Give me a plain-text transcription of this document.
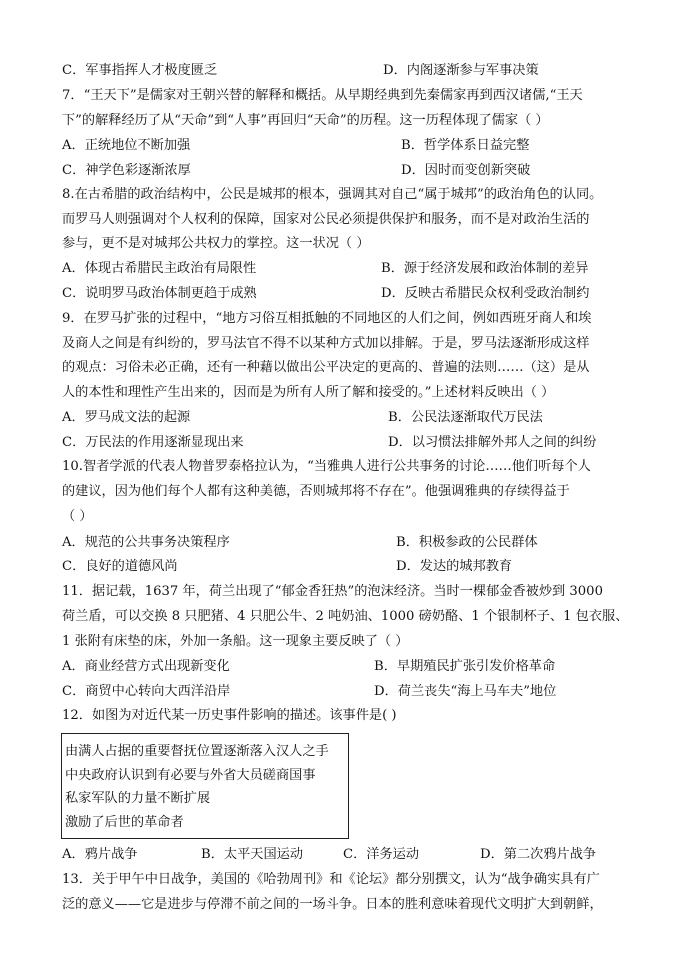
C．军事指挥人才极度匮乏	D．内阁逐渐参与军事决策
7．“王天下”是儒家对王朝兴替的解释和概括。从早期经典到先秦儒家再到西汉诸儒,“王天
下”的解释经历了从“天命”到“人事”再回归“天命”的历程。这一历程体现了儒家（ ）
A．正统地位不断加强	B．哲学体系日益完整
C．神学色彩逐渐浓厚	D．因时而变创新突破
8.在古希腊的政治结构中，公民是城邦的根本，强调其对自己“属于城邦”的政治角色的认同。
而罗马人则强调对个人权利的保障，国家对公民必须提供保护和服务，而不是对政治生活的
参与，更不是对城邦公共权力的掌控。这一状况（ ）
A．体现古希腊民主政治有局限性	B．源于经济发展和政治体制的差异
C．说明罗马政治体制更趋于成熟	D．反映古希腊民众权利受政治制约
9．在罗马扩张的过程中，“地方习俗互相抵触的不同地区的人们之间，例如西班牙商人和埃
及商人之间是有纠纷的，罗马法官不得不以某种方式加以排解。于是，罗马法逐渐形成这样
的观点：习俗未必正确，还有一种藉以做出公平决定的更高的、普遍的法则……（这）是从
人的本性和理性产生出来的，因而是为所有人所了解和接受的。”上述材料反映出（ ）
A．罗马成文法的起源	B．公民法逐渐取代万民法
C．万民法的作用逐渐显现出来	D．以习惯法排解外邦人之间的纠纷
10.智者学派的代表人物普罗泰格拉认为，“当雅典人进行公共事务的讨论……他们听每个人
的建议，因为他们每个人都有这种美德，否则城邦将不存在”。他强调雅典的存续得益于
（ ）
A．规范的公共事务决策程序	B．积极参政的公民群体
C．良好的道德风尚	D．发达的城邦教育
11．据记载，1637 年，荷兰出现了“郁金香狂热”的泡沫经济。当时一棵郁金香被炒到 3000
荷兰盾，可以交换 8 只肥猪、4 只肥公牛、2 吨奶油、1000 磅奶酪、1 个银制杯子、1 包衣服、
1 张附有床垫的床，外加一条船。这一现象主要反映了（ ）
A．商业经营方式出现新变化	B．早期殖民扩张引发价格革命
C．商贸中心转向大西洋沿岸	D．荷兰丧失“海上马车夫”地位
12．如图为对近代某一历史事件影响的描述。该事件是( )
由满人占据的重要督抚位置逐渐落入汉人之手
中央政府认识到有必要与外省大员磋商国事
私家军队的力量不断扩展
激励了后世的革命者
A．鸦片战争	B．太平天国运动	C．洋务运动	D．第二次鸦片战争
13．关于甲午中日战争，美国的《哈勃周刊》和《论坛》都分别撰文，认为“战争确实具有广
泛的意义——它是进步与停滞不前之间的一场斗争。日本的胜利意味着现代文明扩大到朝鲜，
